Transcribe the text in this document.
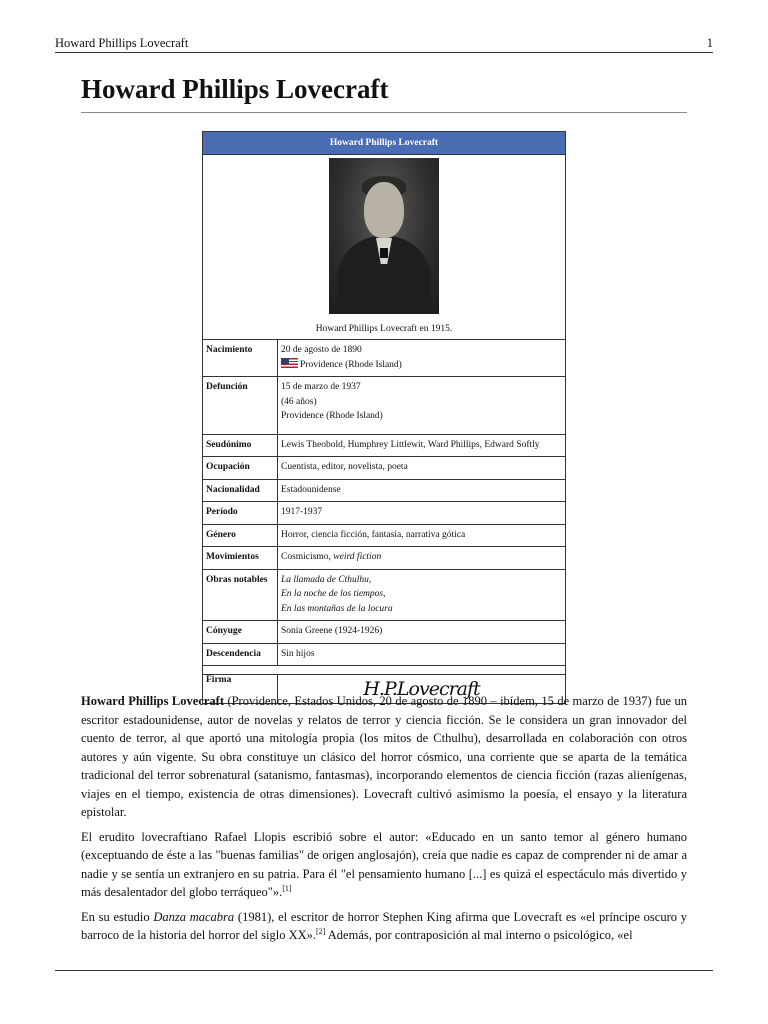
Howard Phillips Lovecraft	1
Howard Phillips Lovecraft
Howard Phillips Lovecraft	

Howard Phillips Lovecraft en 1915.	

Nacimiento	20 de agosto de 1890
Providence (Rhode Island)

Defunción	15 de marzo de 1937
(46 años)
Providence (Rhode Island)

Seudónimo	Lewis Theobold, Humphrey Littlewit, Ward Phillips, Edward Softly
Ocupación	Cuentista, editor, novelista, poeta
Nacionalidad	Estadounidense
Período	1917-1937
Género	Horror, ciencia ficción, fantasía, narrativa gótica
Movimientos	Cosmicismo, weird fiction
Obras notables	La llamada de Cthulhu,
En la noche de los tiempos,
En las montañas de la locura

Cónyuge	Sonia Greene (1924-1926)
Descendencia	Sin hijos

Firma	H.P.Lovecraft

Howard Phillips Lovecraft (Providence, Estados Unidos, 20 de agosto de 1890 – ibídem, 15 de marzo de 1937) fue un escritor estadounidense, autor de novelas y relatos de terror y ciencia ficción. Se le considera un gran innovador del cuento de terror, al que aportó una mitología propia (los mitos de Cthulhu), desarrollada en colaboración con otros autores y aún vigente. Su obra constituye un clásico del horror cósmico, una corriente que se aparta de la temática tradicional del terror sobrenatural (satanismo, fantasmas), incorporando elementos de ciencia ficción (razas alienígenas, viajes en el tiempo, existencia de otras dimensiones). Lovecraft cultivó asimismo la poesía, el ensayo y la literatura epistolar.

El erudito lovecraftiano Rafael Llopis escribió sobre el autor: «Educado en un santo temor al género humano (exceptuando de éste a las "buenas familias" de origen anglosajón), creía que nadie es capaz de comprender ni de amar a nadie y se sentía un extranjero en su patria. Para él "el pensamiento humano [...] es quizá el espectáculo más divertido y más desalentador del globo terráqueo"».[1]

En su estudio Danza macabra (1981), el escritor de horror Stephen King afirma que Lovecraft es «el príncipe oscuro y barroco de la historia del horror del siglo XX».[2] Además, por contraposición al mal interno o psicológico, «el
